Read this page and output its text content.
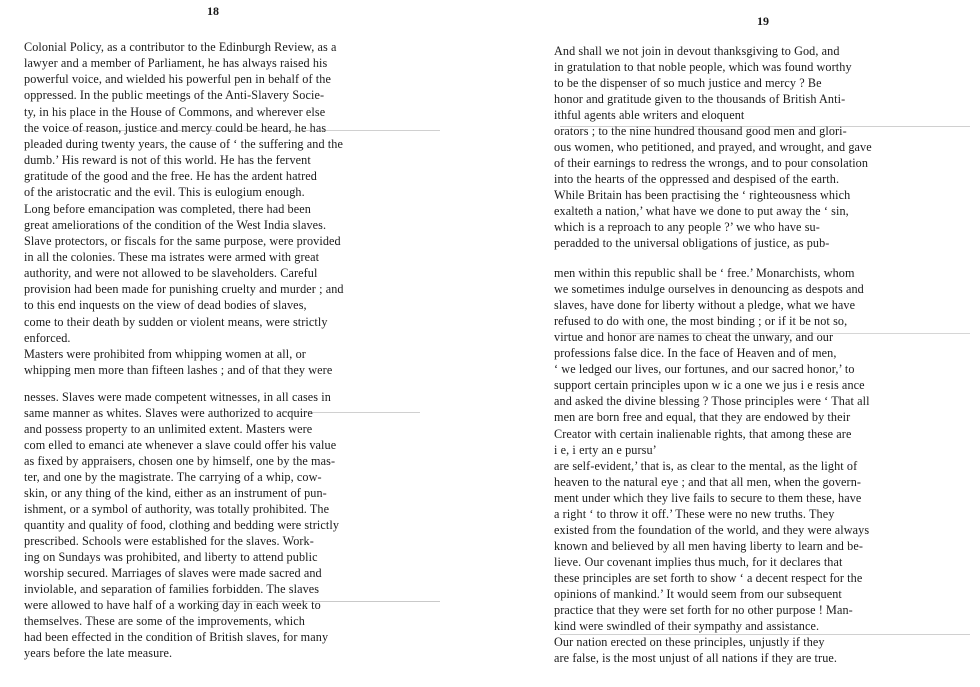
18
Colonial Policy, as a contributor to the Edinburgh Review, as a
lawyer and a member of Parliament, he has always raised his
powerful voice, and wielded his powerful pen in behalf of the
oppressed. In the public meetings of the Anti-Slavery Socie-
ty, in his place in the House of Commons, and wherever else
the voice of reason, justice and mercy could be heard, he has
pleaded during twenty years, the cause of ‘ the suffering and the
dumb.’ His reward is not of this world. He has the fervent
gratitude of the good and the free. He has the ardent hatred
of the aristocratic and the evil. This is eulogium enough.
Long before emancipation was completed, there had been
great ameliorations of the condition of the West India slaves.
Slave protectors, or fiscals for the same purpose, were provided
in all the colonies. These ma istrates were armed with great
authority, and were not allowed to be slaveholders. Careful
provision had been made for punishing cruelty and murder ; and
to this end inquests on the view of dead bodies of slaves,
come to their death by sudden or violent means, were strictly
enforced.
Masters were prohibited from whipping women at all, or
whipping men more than fifteen lashes ; and of that they were
nesses. Slaves were made competent witnesses, in all cases in
same manner as whites. Slaves were authorized to acquire
and possess property to an unlimited extent. Masters were
com elled to emanci ate whenever a slave could offer his value
as fixed by appraisers, chosen one by himself, one by the mas-
ter, and one by the magistrate. The carrying of a whip, cow-
skin, or any thing of the kind, either as an instrument of pun-
ishment, or a symbol of authority, was totally prohibited. The
quantity and quality of food, clothing and bedding were strictly
prescribed. Schools were established for the slaves. Work-
ing on Sundays was prohibited, and liberty to attend public
worship secured. Marriages of slaves were made sacred and
inviolable, and separation of families forbidden. The slaves
were allowed to have half of a working day in each week to
themselves. These are some of the improvements, which
had been effected in the condition of British slaves, for many
years before the late measure.
19
And shall we not join in devout thanksgiving to God, and
in gratulation to that noble people, which was found worthy
to be the dispenser of so much justice and mercy ? Be
honor and gratitude given to the thousands of British Anti-
ithful agents able writers and eloquent
orators ; to the nine hundred thousand good men and glori-
ous women, who petitioned, and prayed, and wrought, and gave
of their earnings to redress the wrongs, and to pour consolation
into the hearts of the oppressed and despised of the earth.
While Britain has been practising the ‘ righteousness which
exalteth a nation,’ what have we done to put away the ‘ sin,
which is a reproach to any people ?’ we who have su-
peradded to the universal obligations of justice, as pub-
men within this republic shall be ‘ free.’ Monarchists, whom
we sometimes indulge ourselves in denouncing as despots and
slaves, have done for liberty without a pledge, what we have
refused to do with one, the most binding ; or if it be not so,
virtue and honor are names to cheat the unwary, and our
professions false dice. In the face of Heaven and of men,
‘ we ledged our lives, our fortunes, and our sacred honor,’ to
support certain principles upon w ic a one we jus i e resis ance
and asked the divine blessing ? Those principles were ‘ That all
men are born free and equal, that they are endowed by their
Creator with certain inalienable rights, that among these are
i e, i erty an e pursu’
are self-evident,’ that is, as clear to the mental, as the light of
heaven to the natural eye ; and that all men, when the govern-
ment under which they live fails to secure to them these, have
a right ‘ to throw it off.’ These were no new truths. They
existed from the foundation of the world, and they were always
known and believed by all men having liberty to learn and be-
lieve. Our covenant implies thus much, for it declares that
these principles are set forth to show ‘ a decent respect for the
opinions of mankind.’ It would seem from our subsequent
practice that they were set forth for no other purpose ! Man-
kind were swindled of their sympathy and assistance.
Our nation erected on these principles, unjustly if they
are false, is the most unjust of all nations if they are true.
